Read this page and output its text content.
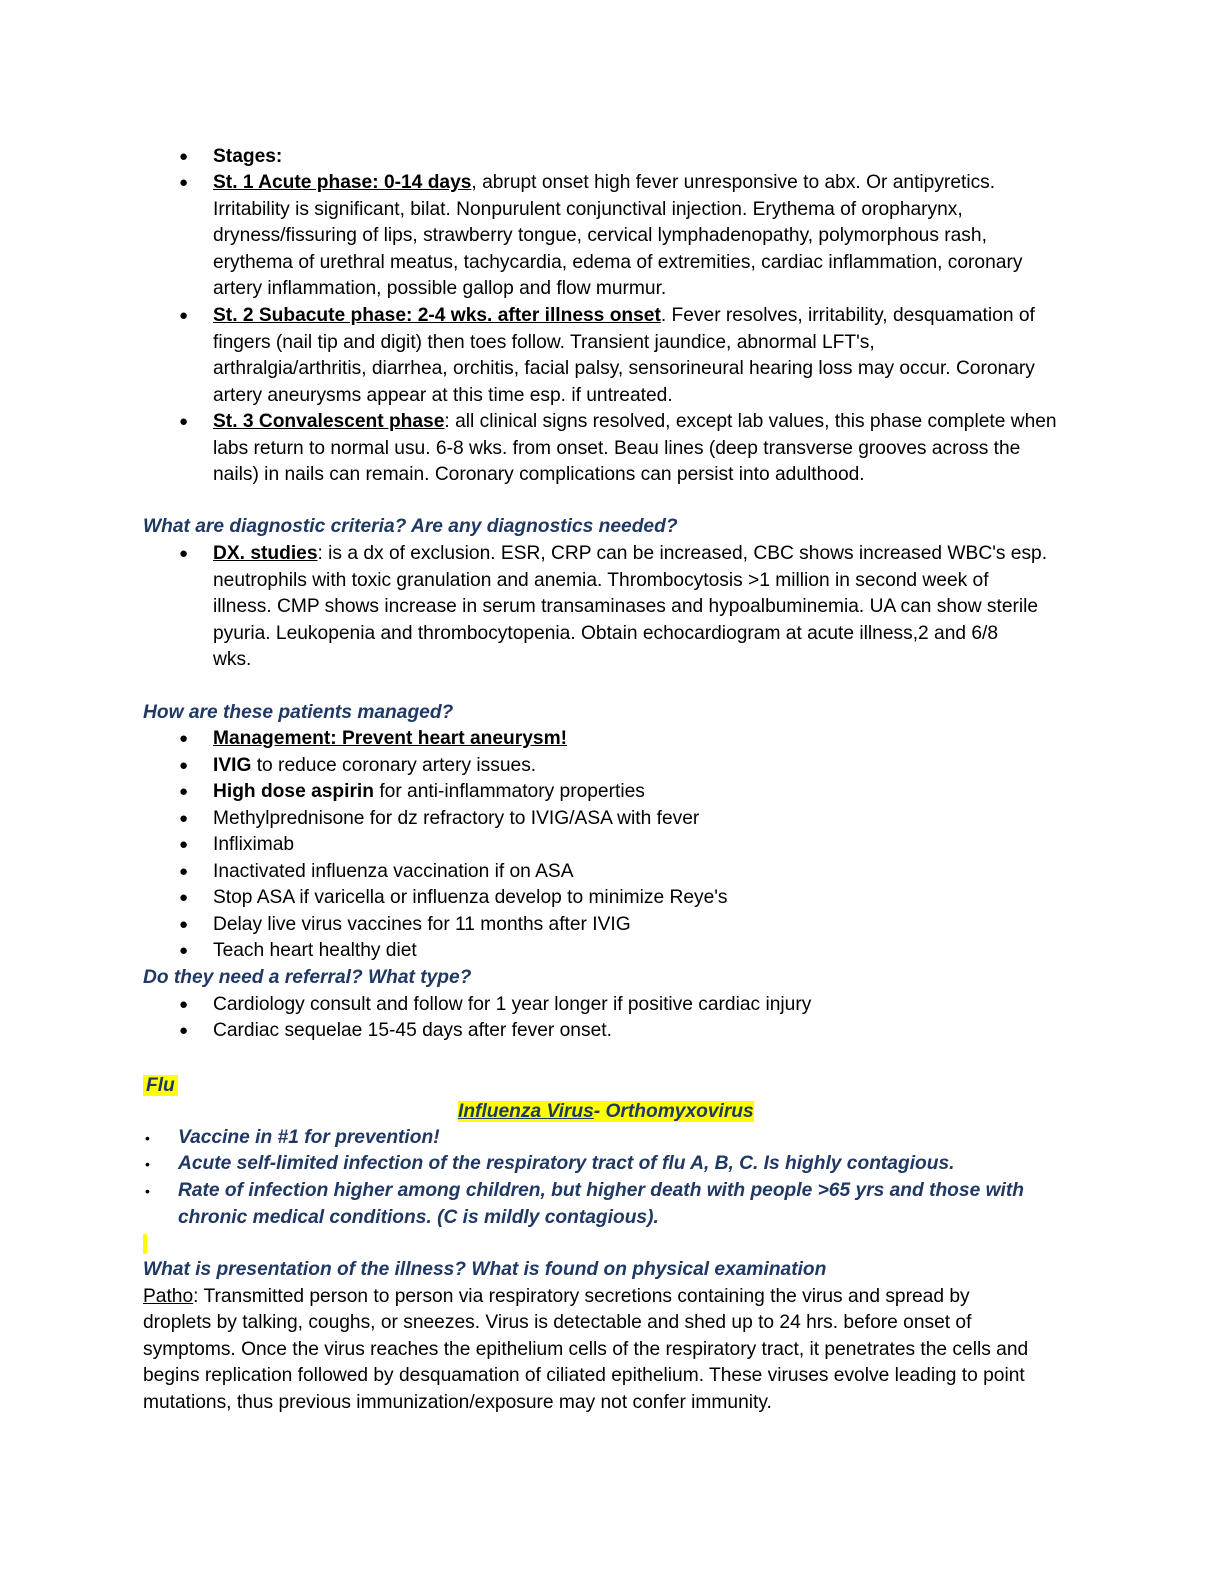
● Stages:
● St. 1 Acute phase: 0-14 days, abrupt onset high fever unresponsive to abx. Or antipyretics.
Irritability is significant, bilat. Nonpurulent conjunctival injection. Erythema of oropharynx,
dryness/fissuring of lips, strawberry tongue, cervical lymphadenopathy, polymorphous rash,
erythema of urethral meatus, tachycardia, edema of extremities, cardiac inflammation, coronary
artery inflammation, possible gallop and flow murmur.
● St. 2 Subacute phase: 2-4 wks. after illness onset. Fever resolves, irritability, desquamation of
fingers (nail tip and digit) then toes follow. Transient jaundice, abnormal LFT's,
arthralgia/arthritis, diarrhea, orchitis, facial palsy, sensorineural hearing loss may occur. Coronary
artery aneurysms appear at this time esp. if untreated.
● St. 3 Convalescent phase: all clinical signs resolved, except lab values, this phase complete when
labs return to normal usu. 6-8 wks. from onset. Beau lines (deep transverse grooves across the
nails) in nails can remain. Coronary complications can persist into adulthood.
What are diagnostic criteria? Are any diagnostics needed?
● DX. studies: is a dx of exclusion. ESR, CRP can be increased, CBC shows increased WBC's esp.
neutrophils with toxic granulation and anemia. Thrombocytosis >1 million in second week of
illness. CMP shows increase in serum transaminases and hypoalbuminemia. UA can show sterile
pyuria. Leukopenia and thrombocytopenia. Obtain echocardiogram at acute illness,2 and 6/8
wks.
How are these patients managed?
● Management: Prevent heart aneurysm!
● IVIG to reduce coronary artery issues.
● High dose aspirin for anti-inflammatory properties
● Methylprednisone for dz refractory to IVIG/ASA with fever
● Infliximab
● Inactivated influenza vaccination if on ASA
● Stop ASA if varicella or influenza develop to minimize Reye's
● Delay live virus vaccines for 11 months after IVIG
● Teach heart healthy diet
Do they need a referral? What type?
● Cardiology consult and follow for 1 year longer if positive cardiac injury
● Cardiac sequelae 15-45 days after fever onset.
Flu
Influenza Virus- Orthomyxovirus
• Vaccine in #1 for prevention!
• Acute self-limited infection of the respiratory tract of flu A, B, C. Is highly contagious.
• Rate of infection higher among children, but higher death with people >65 yrs and those with
chronic medical conditions. (C is mildly contagious).
What is presentation of the illness? What is found on physical examination
Patho: Transmitted person to person via respiratory secretions containing the virus and spread by
droplets by talking, coughs, or sneezes. Virus is detectable and shed up to 24 hrs. before onset of
symptoms. Once the virus reaches the epithelium cells of the respiratory tract, it penetrates the cells and
begins replication followed by desquamation of ciliated epithelium. These viruses evolve leading to point
mutations, thus previous immunization/exposure may not confer immunity.
